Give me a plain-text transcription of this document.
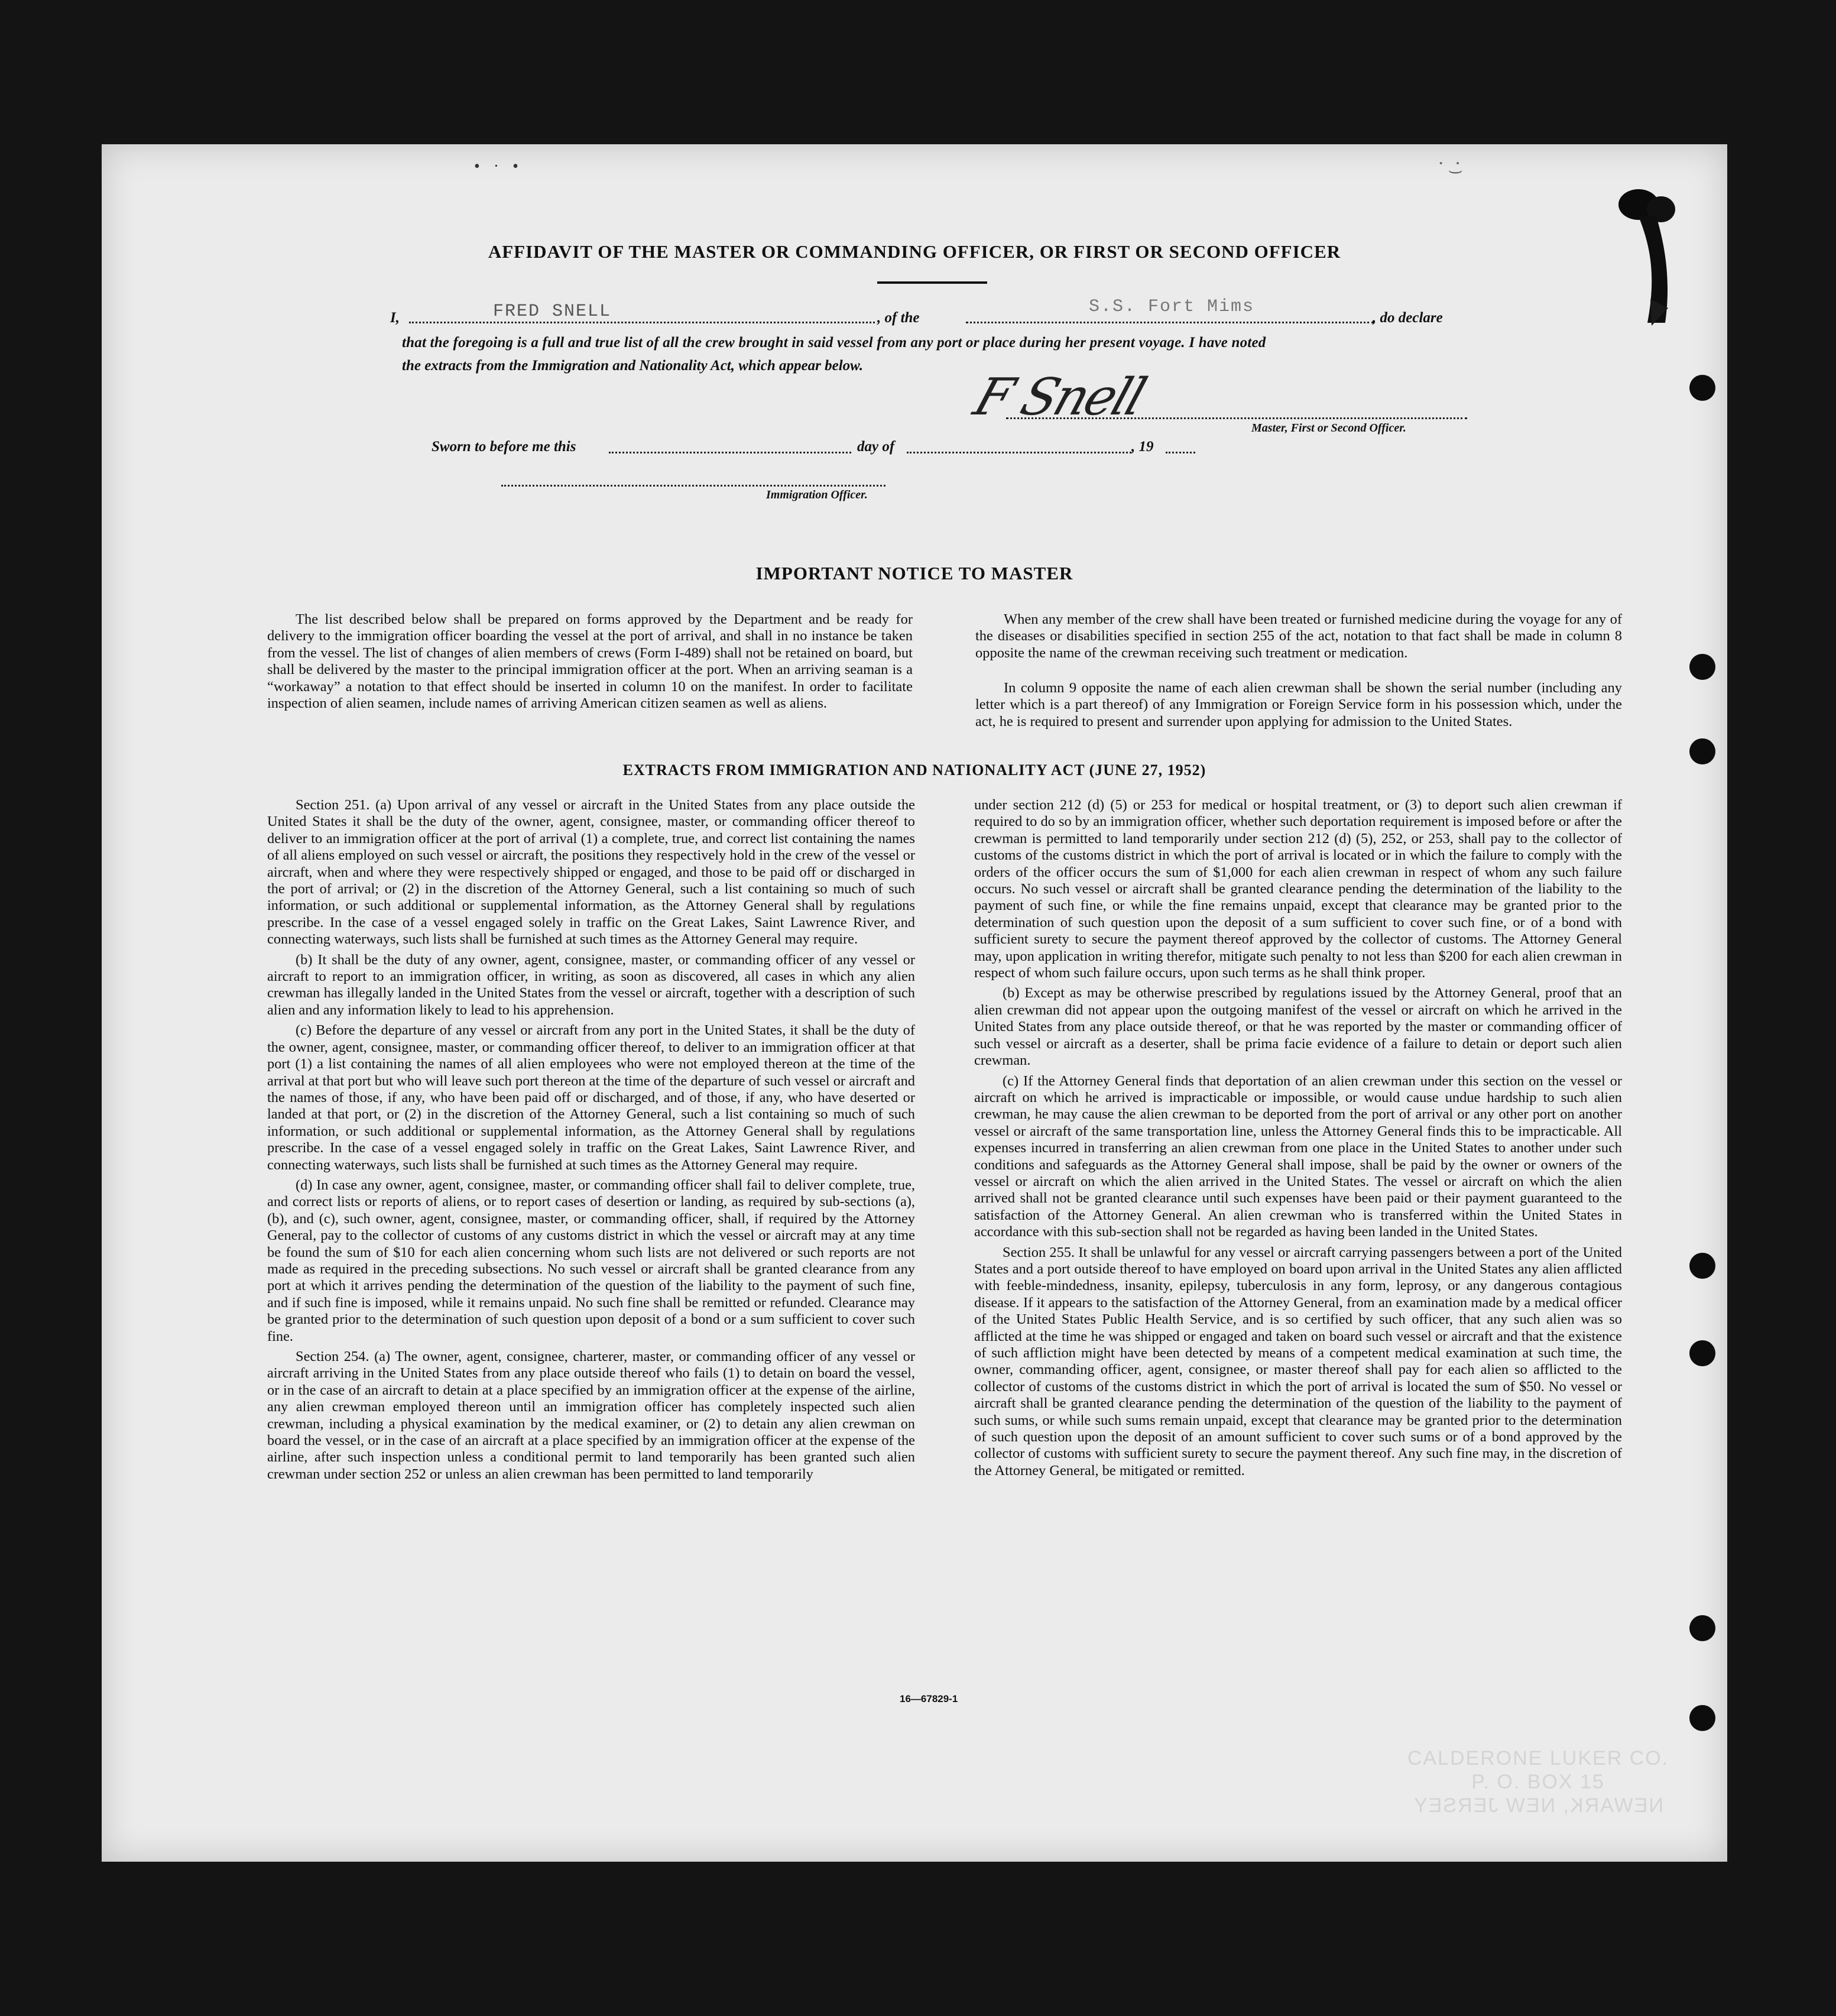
• · •	· ͜ ·
AFFIDAVIT OF THE MASTER OR COMMANDING OFFICER, OR FIRST OR SECOND OFFICER
I,	FRED SNELL	, of the
S.S. Fort Mims
, do declare
that the foregoing is a full and true list of all the crew brought in said vessel from any port or place during her present voyage. I have noted
the extracts from the Immigration and Nationality Act, which appear below.
F Snell
Master, First or Second Officer.
Sworn to before me this	day of	, 19
Immigration Officer.
IMPORTANT NOTICE TO MASTER

The list described below shall be prepared on forms approved by the Department and be ready for delivery to the immigration officer boarding the vessel at the port of arrival, and shall in no instance be taken from the vessel. The list of changes of alien members of crews (Form I-489) shall not be retained on board, but shall be delivered by the master to the principal immigration officer at the port. When an arriving seaman is a “workaway” a notation to that effect should be inserted in column 10 on the manifest. In order to facilitate inspection of alien seamen, include names of arriving American citizen seamen as well as aliens.

When any member of the crew shall have been treated or furnished medicine during the voyage for any of the diseases or disabilities specified in section 255 of the act, notation to that fact shall be made in column 8 opposite the name of the crewman receiving such treatment or medication.

In column 9 opposite the name of each alien crewman shall be shown the serial number (including any letter which is a part thereof) of any Immigration or Foreign Service form in his possession which, under the act, he is required to present and surrender upon applying for admission to the United States.

EXTRACTS FROM IMMIGRATION AND NATIONALITY ACT (JUNE 27, 1952)

Section 251. (a) Upon arrival of any vessel or aircraft in the United States from any place outside the United States it shall be the duty of the owner, agent, consignee, master, or commanding officer thereof to deliver to an immigration officer at the port of arrival (1) a complete, true, and correct list containing the names of all aliens employed on such vessel or aircraft, the positions they respectively hold in the crew of the vessel or aircraft, when and where they were respectively shipped or engaged, and those to be paid off or discharged in the port of arrival; or (2) in the discretion of the Attorney General, such a list containing so much of such information, or such additional or supplemental information, as the Attorney General shall by regulations prescribe. In the case of a vessel engaged solely in traffic on the Great Lakes, Saint Lawrence River, and connecting waterways, such lists shall be furnished at such times as the Attorney General may require.

(b) It shall be the duty of any owner, agent, consignee, master, or commanding officer of any vessel or aircraft to report to an immigration officer, in writing, as soon as discovered, all cases in which any alien crewman has illegally landed in the United States from the vessel or aircraft, together with a description of such alien and any information likely to lead to his apprehension.

(c) Before the departure of any vessel or aircraft from any port in the United States, it shall be the duty of the owner, agent, consignee, master, or commanding officer thereof, to deliver to an immigration officer at that port (1) a list containing the names of all alien employees who were not employed thereon at the time of the arrival at that port but who will leave such port thereon at the time of the departure of such vessel or aircraft and the names of those, if any, who have been paid off or discharged, and of those, if any, who have deserted or landed at that port, or (2) in the discretion of the Attorney General, such a list containing so much of such information, or such additional or supplemental information, as the Attorney General shall by regulations prescribe. In the case of a vessel engaged solely in traffic on the Great Lakes, Saint Lawrence River, and connecting waterways, such lists shall be furnished at such times as the Attorney General may require.

(d) In case any owner, agent, consignee, master, or commanding officer shall fail to deliver complete, true, and correct lists or reports of aliens, or to report cases of desertion or landing, as required by sub-sections (a), (b), and (c), such owner, agent, consignee, master, or commanding officer, shall, if required by the Attorney General, pay to the collector of customs of any customs district in which the vessel or aircraft may at any time be found the sum of $10 for each alien concerning whom such lists are not delivered or such reports are not made as required in the preceding subsections. No such vessel or aircraft shall be granted clearance from any port at which it arrives pending the determination of the question of the liability to the payment of such fine, and if such fine is imposed, while it remains unpaid. No such fine shall be remitted or refunded. Clearance may be granted prior to the determination of such question upon deposit of a bond or a sum sufficient to cover such fine.

Section 254. (a) The owner, agent, consignee, charterer, master, or commanding officer of any vessel or aircraft arriving in the United States from any place outside thereof who fails (1) to detain on board the vessel, or in the case of an aircraft to detain at a place specified by an immigration officer at the expense of the airline, any alien crewman employed thereon until an immigration officer has completely inspected such alien crewman, including a physical examination by the medical examiner, or (2) to detain any alien crewman on board the vessel, or in the case of an aircraft at a place specified by an immigration officer at the expense of the airline, after such inspection unless a conditional permit to land temporarily has been granted such alien crewman under section 252 or unless an alien crewman has been permitted to land temporarily

under section 212 (d) (5) or 253 for medical or hospital treatment, or (3) to deport such alien crewman if required to do so by an immigration officer, whether such deportation requirement is imposed before or after the crewman is permitted to land temporarily under section 212 (d) (5), 252, or 253, shall pay to the collector of customs of the customs district in which the port of arrival is located or in which the failure to comply with the orders of the officer occurs the sum of $1,000 for each alien crewman in respect of whom any such failure occurs. No such vessel or aircraft shall be granted clearance pending the determination of the liability to the payment of such fine, or while the fine remains unpaid, except that clearance may be granted prior to the determination of such question upon the deposit of a sum sufficient to cover such fine, or of a bond with sufficient surety to secure the payment thereof approved by the collector of customs. The Attorney General may, upon application in writing therefor, mitigate such penalty to not less than $200 for each alien crewman in respect of whom such failure occurs, upon such terms as he shall think proper.

(b) Except as may be otherwise prescribed by regulations issued by the Attorney General, proof that an alien crewman did not appear upon the outgoing manifest of the vessel or aircraft on which he arrived in the United States from any place outside thereof, or that he was reported by the master or commanding officer of such vessel or aircraft as a deserter, shall be prima facie evidence of a failure to detain or deport such alien crewman.

(c) If the Attorney General finds that deportation of an alien crewman under this section on the vessel or aircraft on which he arrived is impracticable or impossible, or would cause undue hardship to such alien crewman, he may cause the alien crewman to be deported from the port of arrival or any other port on another vessel or aircraft of the same transportation line, unless the Attorney General finds this to be impracticable. All expenses incurred in transferring an alien crewman from one place in the United States to another under such conditions and safeguards as the Attorney General shall impose, shall be paid by the owner or owners of the vessel or aircraft on which the alien arrived in the United States. The vessel or aircraft on which the alien arrived shall not be granted clearance until such expenses have been paid or their payment guaranteed to the satisfaction of the Attorney General. An alien crewman who is transferred within the United States in accordance with this sub-section shall not be regarded as having been landed in the United States.

Section 255. It shall be unlawful for any vessel or aircraft carrying passengers between a port of the United States and a port outside thereof to have employed on board upon arrival in the United States any alien afflicted with feeble-mindedness, insanity, epilepsy, tuberculosis in any form, leprosy, or any dangerous contagious disease. If it appears to the satisfaction of the Attorney General, from an examination made by a medical officer of the United States Public Health Service, and is so certified by such officer, that any such alien was so afflicted at the time he was shipped or engaged and taken on board such vessel or aircraft and that the existence of such affliction might have been detected by means of a competent medical examination at such time, the owner, commanding officer, agent, consignee, or master thereof shall pay for each alien so afflicted to the collector of customs of the customs district in which the port of arrival is located the sum of $50. No vessel or aircraft shall be granted clearance pending the determination of the question of the liability to the payment of such sums, or while such sums remain unpaid, except that clearance may be granted prior to the determination of such question upon the deposit of an amount sufficient to cover such sums or of a bond approved by the collector of customs with sufficient surety to secure the payment thereof. Any such fine may, in the discretion of the Attorney General, be mitigated or remitted.

16—67829-1
CALDERONE LUKER CO.
P. O. BOX 15
NEWARK, NEW JERSEY
